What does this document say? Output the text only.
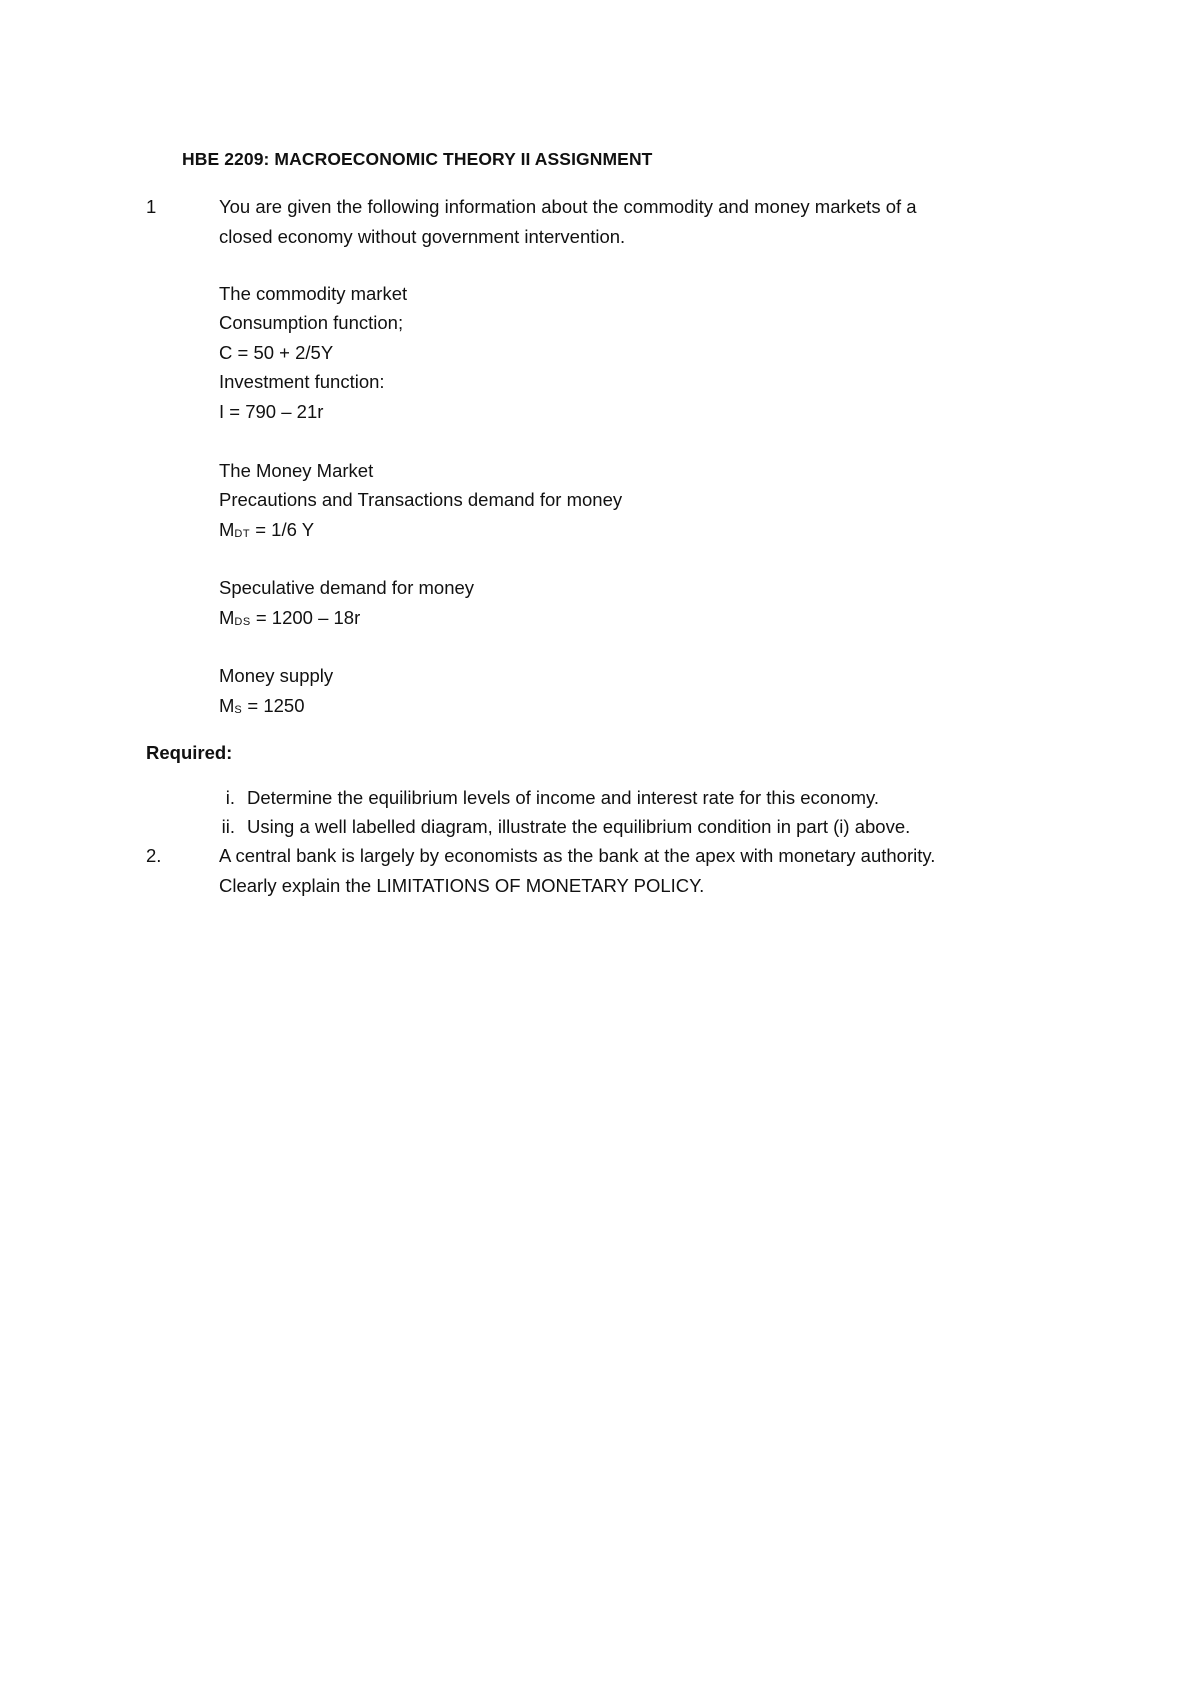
HBE 2209: MACROECONOMIC THEORY II ASSIGNMENT
1	You are given the following information about the commodity and money markets of a
closed economy without government intervention.
The commodity market
Consumption function;
C = 50 + 2/5Y
Investment function:
I = 790 – 21r
The Money Market
Precautions and Transactions demand for money
$M_{DT} = 1/6$ Y
Speculative demand for money
$M_{DS} = 1200 - 18r$
Money supply
$M_S = 1250$
Required:
i. Determine the equilibrium levels of income and interest rate for this economy.
ii. Using a well labelled diagram, illustrate the equilibrium condition in part (i) above.
2.	A central bank is largely by economists as the bank at the apex with monetary authority.
Clearly explain the LIMITATIONS OF MONETARY POLICY.
